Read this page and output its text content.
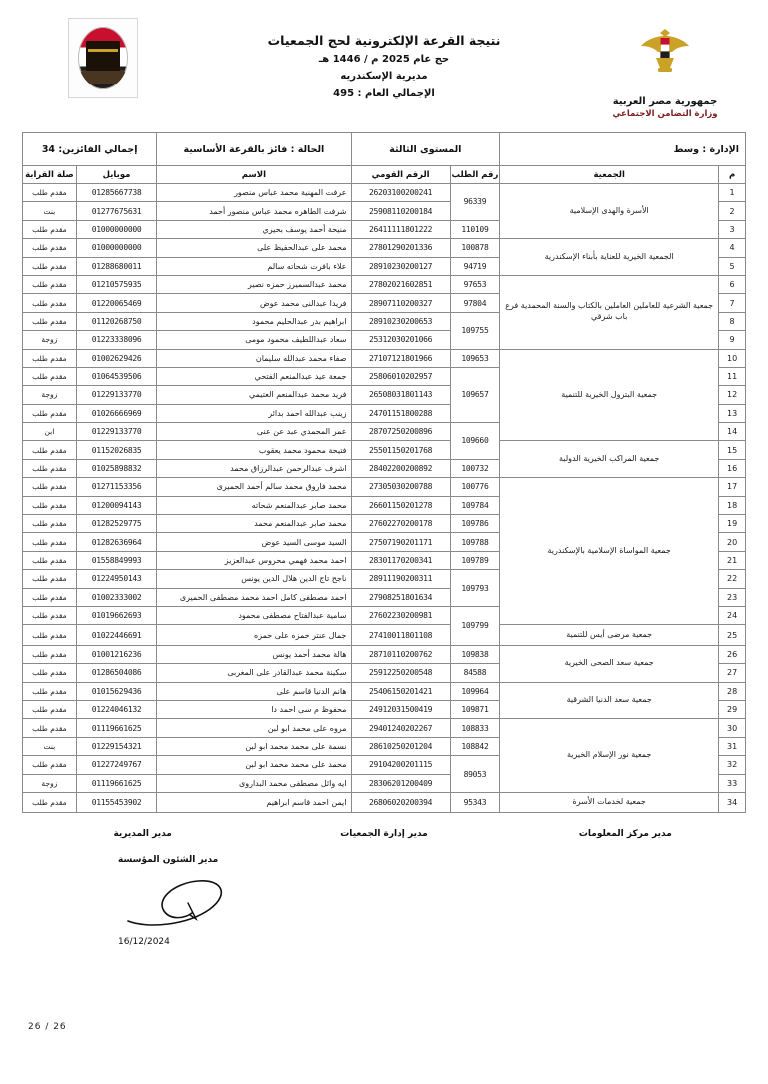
نتيجة القرعة الإلكترونية لحج الجمعيات
حج عام 2025 م / 1446 هـ
مديرية الإسكندريه
الإجمالي العام : 495
جمهورية مصر العربية
وزارة التضامن الاجتماعي
الإدارة : وسط		المستوى الثالثة		الحالة : فائز بالقرعة الأساسية	إجمالي الفائزين: 34	
م	الجمعية	رقم الطلب	الرقم القومي	الاسم	موبايل	صلة القرابة
1	الأسرة والهدى الإسلامية	96339	26203100200241	عرفت المهنية محمد عباس منصور	01285667738	مقدم طلب
2			25908110200184	شرفت الطاهره محمد عباس منصور أحمد	01277675631	بنت
3		110109	26411111801222	منيحة أحمد يوسف بحيري	01000000000	مقدم طلب
4	الجمعية الخيرية للعناية بأبناء الإسكندرية	100878	27801290201336	محمد على عبدالحفيظ على	01000000000	مقدم طلب
5		94719	28910230200127	علاء بافرت شحاته سالم	01288680011	مقدم طلب
6	جمعية الشرعية للعاملين العاملين بالكتاب والسنة المحمدية فرع باب شرقي	97653	27802021602851	محمد عبدالسميرز حمزه نصير	01210575935	مقدم طلب
7		97804	28907110200327	فريدا عبدالنى محمد عوض	01220065469	مقدم طلب
8		109755	28910230200653	ابراهيم بدر عبدالحليم محمود	01120268750	مقدم طلب
9			25312030201066	سعاد عبداللطيف محمود مومى	01223338096	زوجة
10	جمعية البترول الخيرية للتنمية	109653	27107121801966	صفاء محمد عبدالله سليمان	01002629426	مقدم طلب
11		109657	25806010202957	جمعة عيد عبدالمنعم الفتحي	01064539506	مقدم طلب
12			26508031801143	فريد محمد عبدالمنعم العتيمي	01229133770	زوجة
13			24701151800288	زينب عبدالله احمد بدائر	01026666969	مقدم طلب
14		109660	28707250200896	عمر المحمدي عبد عن عنى	01229133770	ابن
15	جمعية المراكب الخيرية الدولية		25501150201768	فتيحة محمود محمد يعقوب	01152026835	مقدم طلب
16		100732	28402200200892	اشرف عبدالرحمن عبدالرزاق محمد	01025898832	مقدم طلب
17	جمعية المواساة الإسلامية بالإسكندرية	100776	27305030200788	محمد فاروق محمد سالم أحمد الحميرى	01271153356	مقدم طلب
18		109784	26601150201278	محمد صابر عبدالمنعم شحاته	01200094143	مقدم طلب
19		109786	27602270200178	محمد صابر عبدالمنعم محمد	01282529775	مقدم طلب
20		109788	27507190201171	السيد موسى السيد عوض	01282636964	مقدم طلب
21		109789	28301170200341	احمد محمد فهمي محروس عبدالعزيز	01558849993	مقدم طلب
22		109793	28911190200311	ناجح تاج الدين هلال الدين يونس	01224950143	مقدم طلب
23			27908251801634	احمد مصطفى كامل احمد محمد مصطفى الحميرى	01002333002	مقدم طلب
24		109799	27602230200981	سامية عبدالفتاح مصطفى محمود	01019662693	مقدم طلب
25	جمعية مرضى أيس للتنمية		27410011801108	جمال عنتر حمزه على حمزه	01022446691	مقدم طلب
26	جمعية سعد الصحى الخيرية	109838	28710110200762	هالة محمد أحمد يونس	01001216236	مقدم طلب
27		84588	25912250200548	سكينة محمد عبدالقادر على المغربى	01286504086	مقدم طلب
28	جمعية سعد الدنيا الشرقية	109964	25406150201421	هانم الدنيا قاسم على	01015629436	مقدم طلب
29		109871	24912031500419	محفوظ م سى احمد دا	01224046132	مقدم طلب
30	جمعية نور الإسلام الخيرية	108833	29401240202267	مروه على محمد ابو لبن	01119661625	مقدم طلب
31		108842	28610250201204	نسمة على محمد محمد ابو لبن	01229154321	بنت
32		89053	29104200201115	محمد على محمد محمد ابو لبن	01227249767	مقدم طلب
33			28306201200409	ايه وائل مصطفى محمد البداروى	01119661625	زوجة
34	جمعية لخدمات الأسرة	95343	26806020200394	ايمن احمد قاسم ابراهيم	01155453902	مقدم طلب
مدير المديرية	مدير إدارة الجمعيات	مدير مركز المعلومات
مدير الشئون المؤسسة
16/12/2024
26 / 26
